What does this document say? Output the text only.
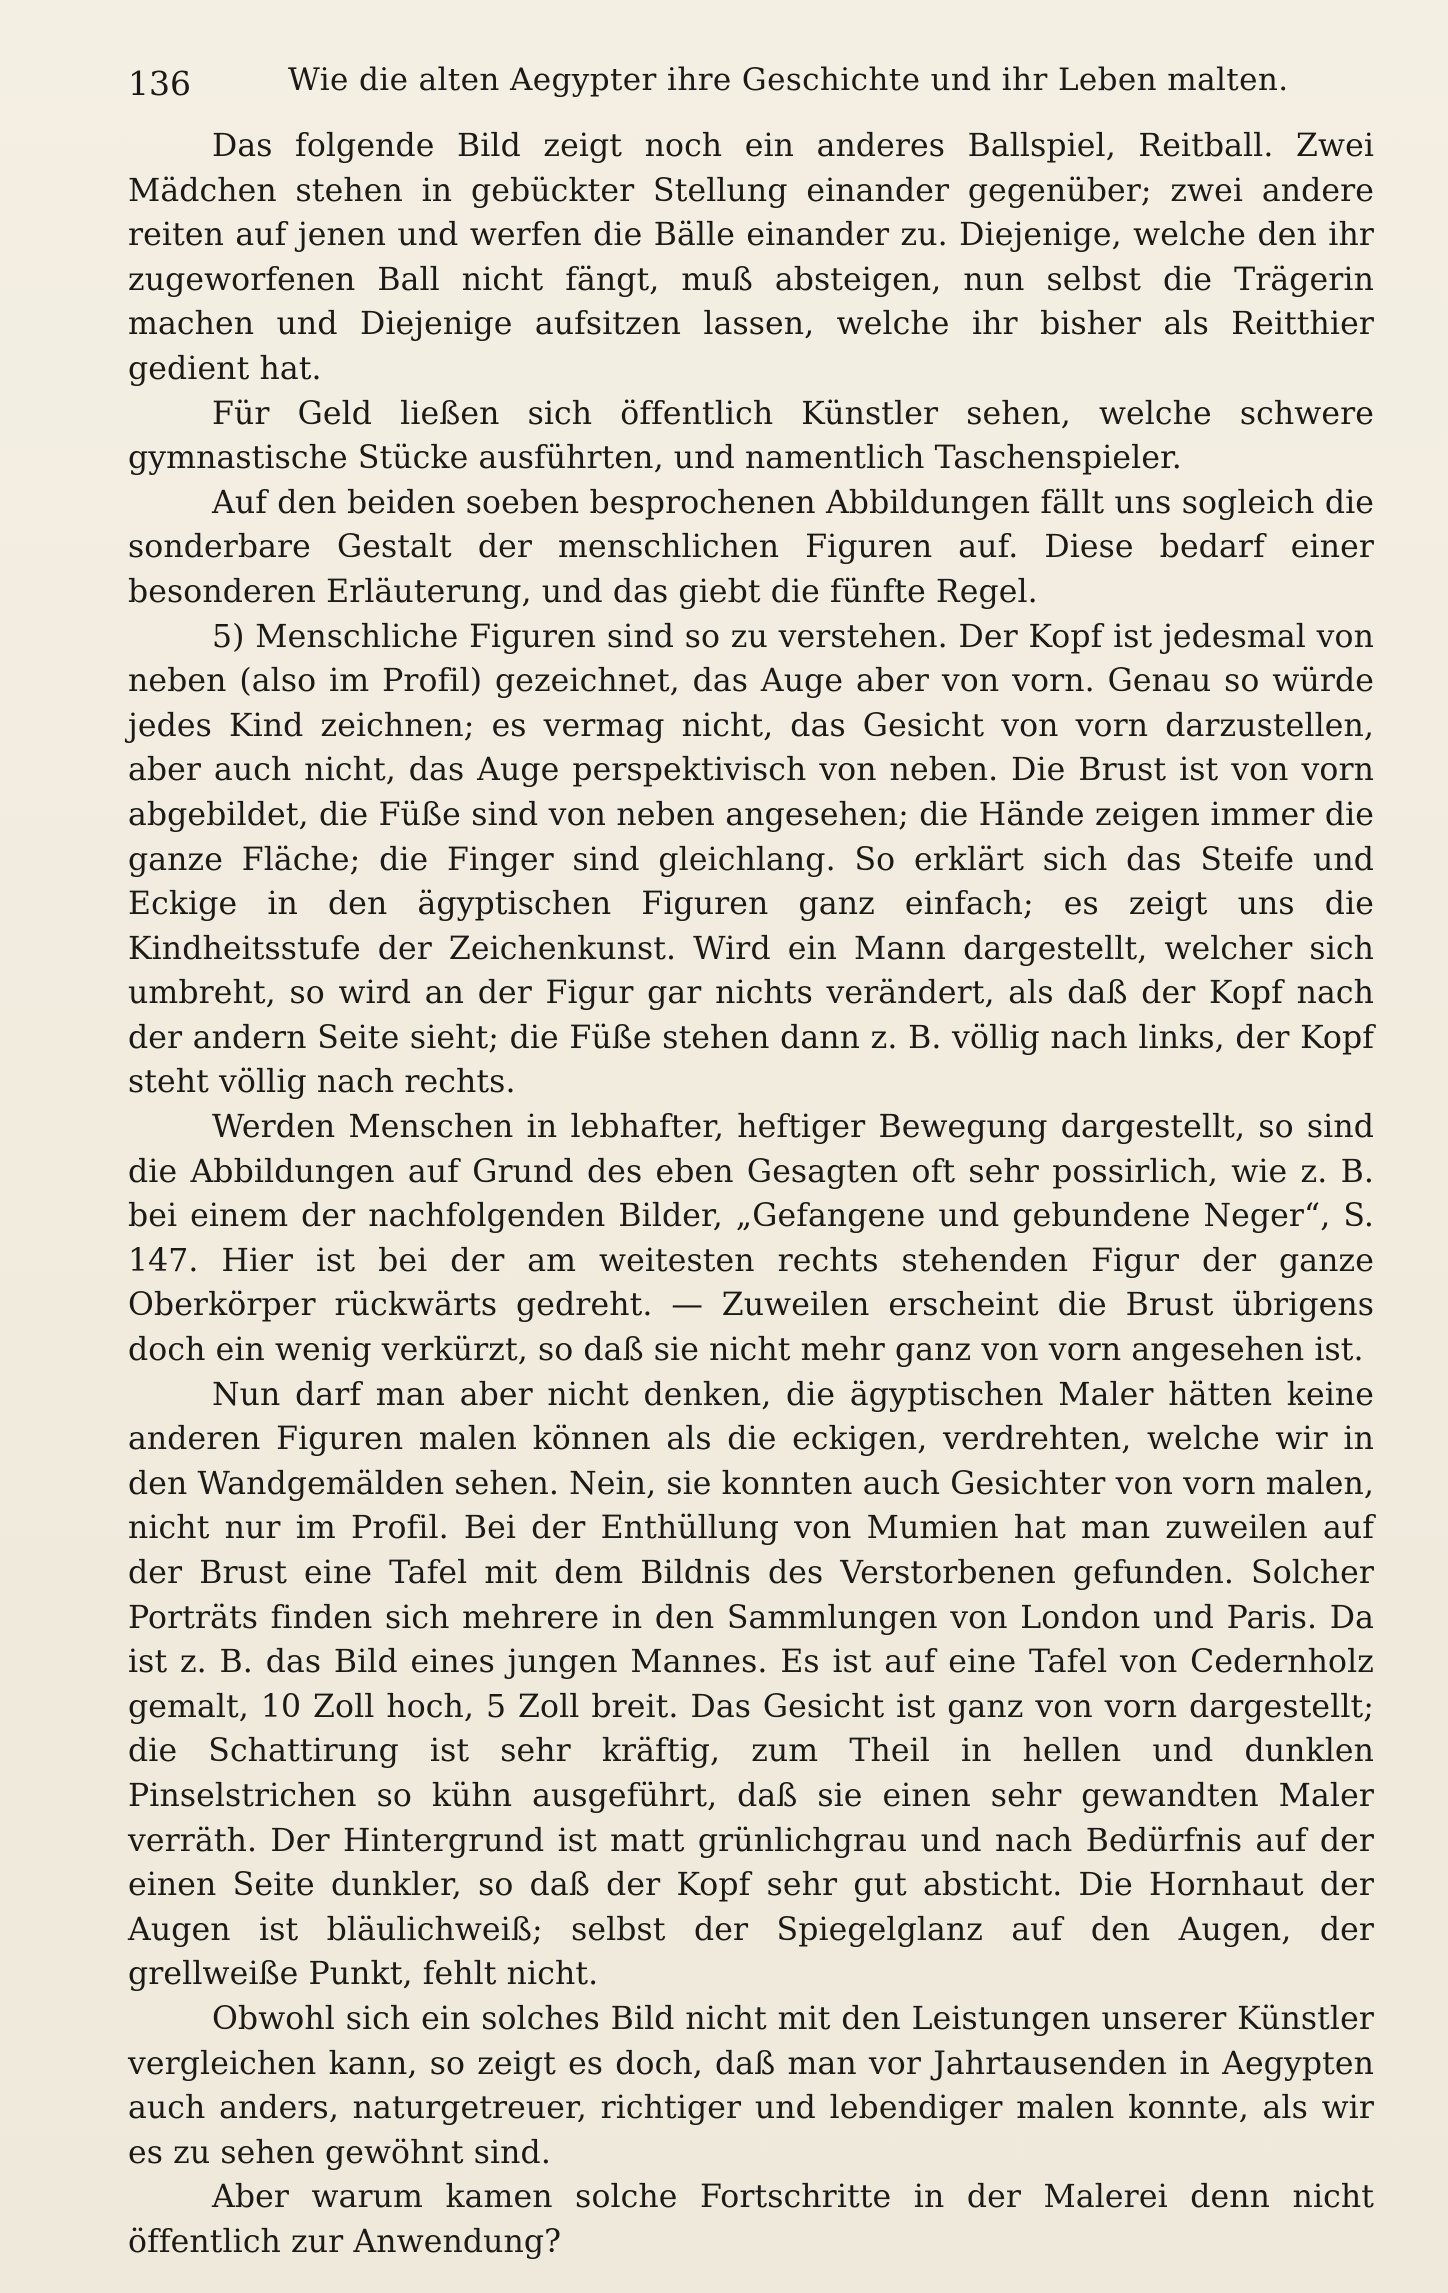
136	Wie die alten Aegypter ihre Geschichte und ihr Leben malten.

Das folgende Bild zeigt noch ein anderes Ballspiel, Reitball. Zwei Mädchen stehen in gebückter Stellung einander gegenüber; zwei andere reiten auf jenen und werfen die Bälle einander zu. Diejenige, welche den ihr zugeworfenen Ball nicht fängt, muß absteigen, nun selbst die Trägerin machen und Diejenige aufsitzen lassen, welche ihr bisher als Reitthier gedient hat.

Für Geld ließen sich öffentlich Künstler sehen, welche schwere gymnastische Stücke ausführten, und namentlich Taschenspieler.

Auf den beiden soeben besprochenen Abbildungen fällt uns sogleich die sonderbare Gestalt der menschlichen Figuren auf. Diese bedarf einer besonderen Erläuterung, und das giebt die fünfte Regel.

5) Menschliche Figuren sind so zu verstehen. Der Kopf ist jedesmal von neben (also im Profil) gezeichnet, das Auge aber von vorn. Genau so würde jedes Kind zeichnen; es vermag nicht, das Gesicht von vorn darzustellen, aber auch nicht, das Auge perspektivisch von neben. Die Brust ist von vorn abgebildet, die Füße sind von neben angesehen; die Hände zeigen immer die ganze Fläche; die Finger sind gleichlang. So erklärt sich das Steife und Eckige in den ägyptischen Figuren ganz einfach; es zeigt uns die Kindheitsstufe der Zeichenkunst. Wird ein Mann dargestellt, welcher sich umbreht, so wird an der Figur gar nichts verändert, als daß der Kopf nach der andern Seite sieht; die Füße stehen dann z. B. völlig nach links, der Kopf steht völlig nach rechts.

Werden Menschen in lebhafter, heftiger Bewegung dargestellt, so sind die Abbildungen auf Grund des eben Gesagten oft sehr possirlich, wie z. B. bei einem der nachfolgenden Bilder, „Gefangene und gebundene Neger“, S. 147. Hier ist bei der am weitesten rechts stehenden Figur der ganze Oberkörper rückwärts gedreht. — Zuweilen erscheint die Brust übrigens doch ein wenig verkürzt, so daß sie nicht mehr ganz von vorn angesehen ist.

Nun darf man aber nicht denken, die ägyptischen Maler hätten keine anderen Figuren malen können als die eckigen, verdrehten, welche wir in den Wandgemälden sehen. Nein, sie konnten auch Gesichter von vorn malen, nicht nur im Profil. Bei der Enthüllung von Mumien hat man zuweilen auf der Brust eine Tafel mit dem Bildnis des Verstorbenen gefunden. Solcher Porträts finden sich mehrere in den Sammlungen von London und Paris. Da ist z. B. das Bild eines jungen Mannes. Es ist auf eine Tafel von Cedernholz gemalt, 10 Zoll hoch, 5 Zoll breit. Das Gesicht ist ganz von vorn dargestellt; die Schattirung ist sehr kräftig, zum Theil in hellen und dunklen Pinselstrichen so kühn ausgeführt, daß sie einen sehr gewandten Maler verräth. Der Hintergrund ist matt grünlichgrau und nach Bedürfnis auf der einen Seite dunkler, so daß der Kopf sehr gut absticht. Die Hornhaut der Augen ist bläulichweiß; selbst der Spiegelglanz auf den Augen, der grellweiße Punkt, fehlt nicht.

Obwohl sich ein solches Bild nicht mit den Leistungen unserer Künstler vergleichen kann, so zeigt es doch, daß man vor Jahrtausenden in Aegypten auch anders, naturgetreuer, richtiger und lebendiger malen konnte, als wir es zu sehen gewöhnt sind.

Aber warum kamen solche Fortschritte in der Malerei denn nicht öffentlich zur Anwendung?
